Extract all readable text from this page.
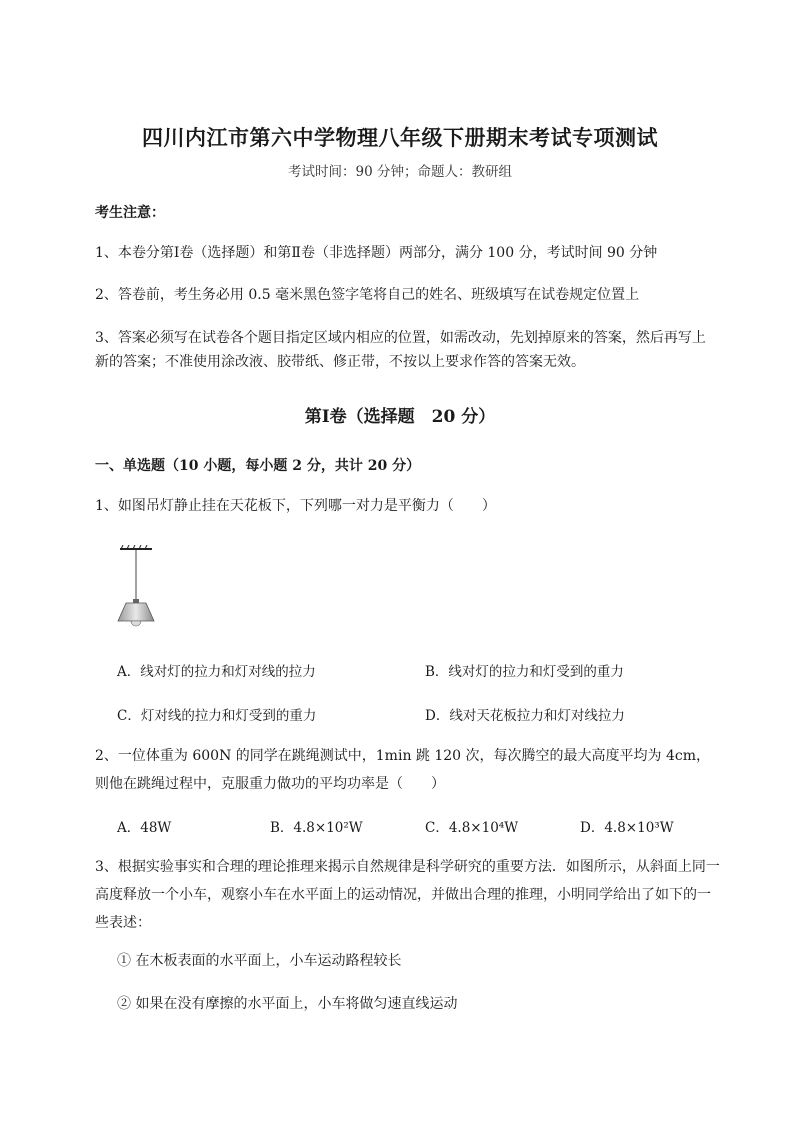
四川内江市第六中学物理八年级下册期末考试专项测试
考试时间：90 分钟；命题人：教研组
考生注意：
1、本卷分第Ⅰ卷（选择题）和第Ⅱ卷（非选择题）两部分，满分 100 分，考试时间 90 分钟
2、答卷前，考生务必用 0.5 毫米黑色签字笔将自己的姓名、班级填写在试卷规定位置上
3、答案必须写在试卷各个题目指定区域内相应的位置，如需改动，先划掉原来的答案，然后再写上新的答案；不准使用涂改液、胶带纸、修正带，不按以上要求作答的答案无效。
第Ⅰ卷（选择题　20 分）
一、单选题（10 小题，每小题 2 分，共计 20 分）
1、如图吊灯静止挂在天花板下，下列哪一对力是平衡力（　　）
A．线对灯的拉力和灯对线的拉力	B．线对灯的拉力和灯受到的重力
C．灯对线的拉力和灯受到的重力	D．线对天花板拉力和灯对线拉力
2、一位体重为 600N 的同学在跳绳测试中，1min 跳 120 次，每次腾空的最大高度平均为 4cm，则他在跳绳过程中，克服重力做功的平均功率是（　　）
A．48W	B．4.8×10²W	C．4.8×10⁴W	D．4.8×10³W
3、根据实验事实和合理的理论推理来揭示自然规律是科学研究的重要方法．如图所示，从斜面上同一高度释放一个小车，观察小车在水平面上的运动情况，并做出合理的推理，小明同学给出了如下的一些表述：
① 在木板表面的水平面上，小车运动路程较长
② 如果在没有摩擦的水平面上，小车将做匀速直线运动
